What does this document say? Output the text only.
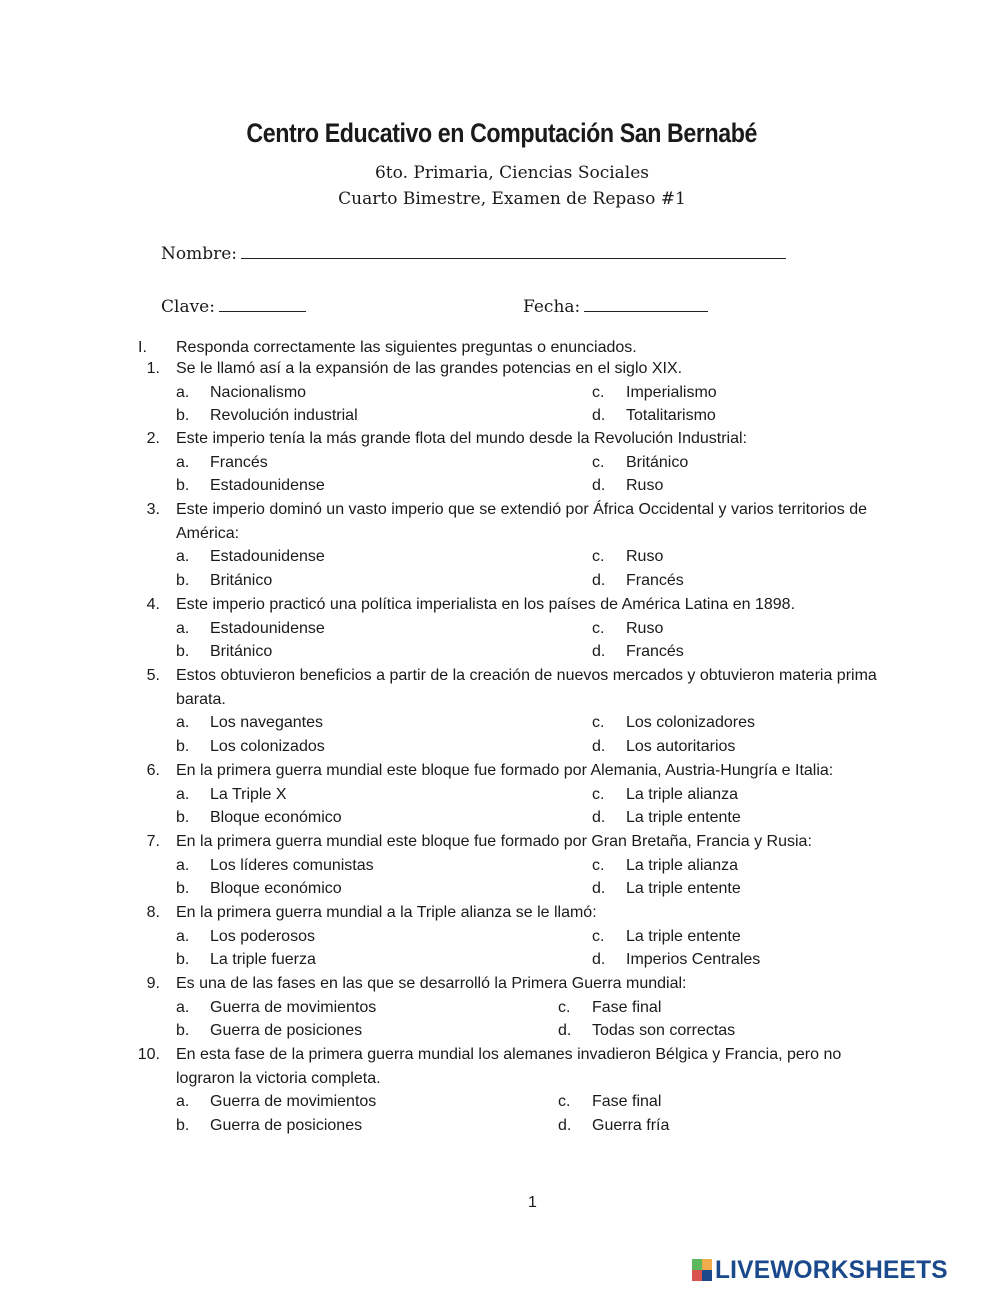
Centro Educativo en Computación San Bernabé
6to. Primaria, Ciencias Sociales
Cuarto Bimestre, Examen de Repaso #1
Nombre:
Clave:	Fecha:
I. Responda correctamente las siguientes preguntas o enunciados.
1. Se le llamó así a la expansión de las grandes potencias en el siglo XIX.
a. Nacionalismo	c. Imperialismo
b. Revolución industrial	d. Totalitarismo
2. Este imperio tenía la más grande flota del mundo desde la Revolución Industrial:
a. Francés	c. Británico
b. Estadounidense	d. Ruso
3. Este imperio dominó un vasto imperio que se extendió por África Occidental y varios territorios de
América:
a. Estadounidense	c. Ruso
b. Británico	d. Francés
4. Este imperio practicó una política imperialista en los países de América Latina en 1898.
a. Estadounidense	c. Ruso
b. Británico	d. Francés
5. Estos obtuvieron beneficios a partir de la creación de nuevos mercados y obtuvieron materia prima
barata.
a. Los navegantes	c. Los colonizadores
b. Los colonizados	d. Los autoritarios
6. En la primera guerra mundial este bloque fue formado por Alemania, Austria-Hungría e Italia:
a. La Triple X	c. La triple alianza
b. Bloque económico	d. La triple entente
7. En la primera guerra mundial este bloque fue formado por Gran Bretaña, Francia y Rusia:
a. Los líderes comunistas	c. La triple alianza
b. Bloque económico	d. La triple entente
8. En la primera guerra mundial a la Triple alianza se le llamó:
a. Los poderosos	c. La triple entente
b. La triple fuerza	d. Imperios Centrales
9. Es una de las fases en las que se desarrolló la Primera Guerra mundial:
a. Guerra de movimientos	c. Fase final
b. Guerra de posiciones	d. Todas son correctas
10. En esta fase de la primera guerra mundial los alemanes invadieron Bélgica y Francia, pero no
lograron la victoria completa.
a. Guerra de movimientos	c. Fase final
b. Guerra de posiciones	d. Guerra fría
1
LIVEWORKSHEETS
